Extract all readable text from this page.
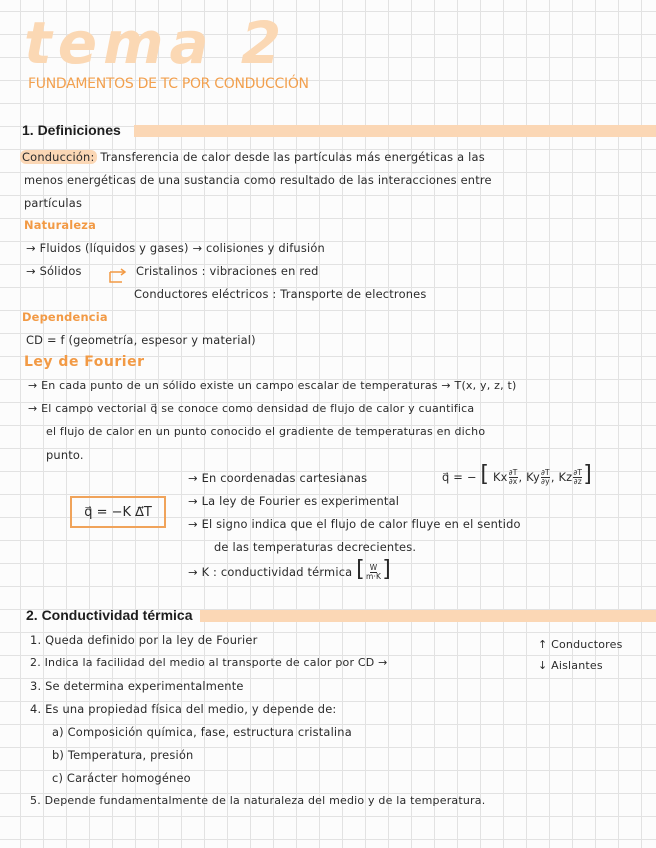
tema 2
FUNDAMENTOS DE TC POR CONDUCCIÓN
1. Definiciones
Conducción: Transferencia de calor desde las partículas más energéticas a las
menos energéticas de una sustancia como resultado de las interacciones entre
partículas
Naturaleza
→ Fluidos (líquidos y gases) → colisiones y difusión
→ Sólidos	Cristalinos : vibraciones en red
Conductores eléctricos : Transporte de electrones
Dependencia
CD = f (geometría, espesor y material)
Ley de Fourier
→ En cada punto de un sólido existe un campo escalar de temperaturas → T(x, y, z, t)
→ El campo vectorial q⃗ se conoce como densidad de flujo de calor y cuantifica
el flujo de calor en un punto conocido el gradiente de temperaturas en dicho
punto.
→ En coordenadas cartesianas	q⃗ = − [ Kx $\frac{\partial T}{\partial x}$ , Ky $\frac{\partial T}{\partial y}$ , Kz $\frac{\partial T}{\partial z}$ ]
q⃗ = −K ∆⃗T
→ La ley de Fourier es experimental
→ El signo indica que el flujo de calor fluye en el sentido
de las temperaturas decrecientes.
→ K : conductividad térmica [ $\frac{W}{m\cdot K}$ ]
2. Conductividad térmica
1. Queda definido por la ley de Fourier	↑ Conductores
2. Indica la facilidad del medio al transporte de calor por CD →	↓ Aislantes
3. Se determina experimentalmente
4. Es una propiedad física del medio, y depende de:
a) Composición química, fase, estructura cristalina
b) Temperatura, presión
c) Carácter homogéneo
5. Depende fundamentalmente de la naturaleza del medio y de la temperatura.
